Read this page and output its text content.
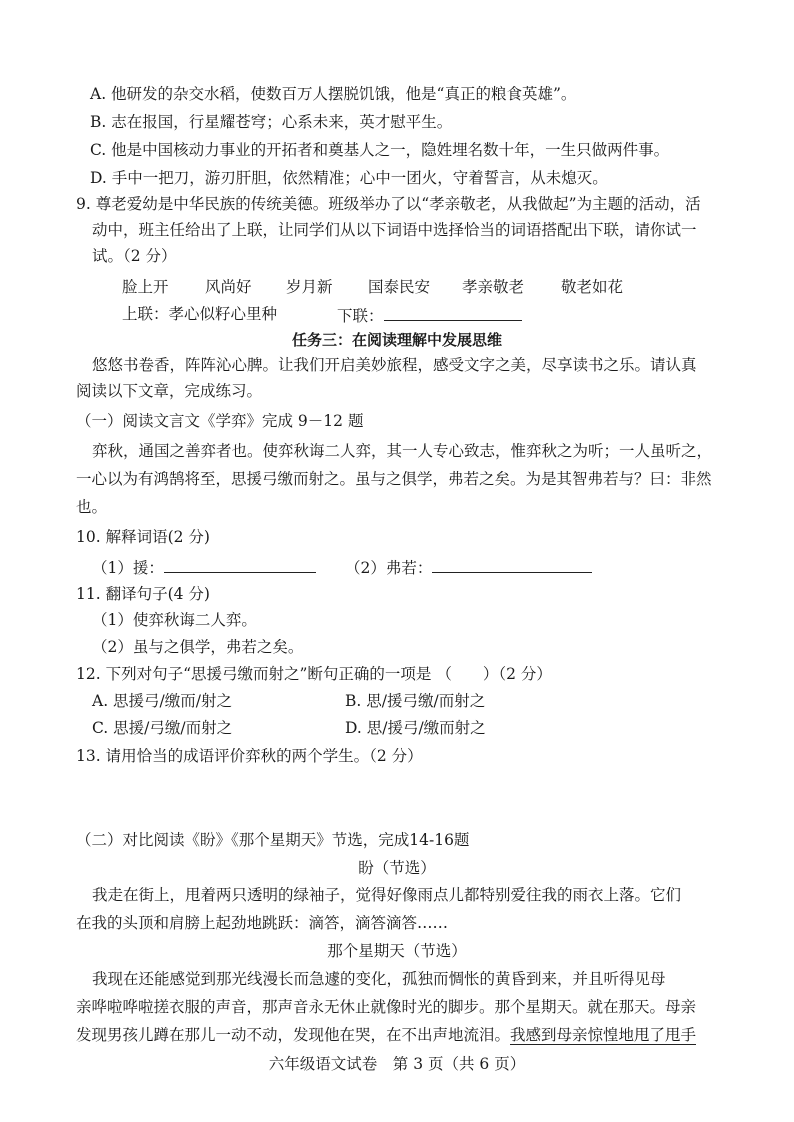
A. 他研发的杂交水稻，使数百万人摆脱饥饿，他是“真正的粮食英雄”。
B. 志在报国，行星耀苍穹；心系未来，英才慰平生。
C. 他是中国核动力事业的开拓者和奠基人之一，隐姓埋名数十年，一生只做两件事。
D. 手中一把刀，游刃肝胆，依然精准；心中一团火，守着誓言，从未熄灭。
9. 尊老爱幼是中华民族的传统美德。班级举办了以“孝亲敬老，从我做起”为主题的活动，活
动中，班主任给出了上联，让同学们从以下词语中选择恰当的词语搭配出下联，请你试一
试。（2 分）
脸上开 风尚好 岁月新 国泰民安 孝亲敬老 敬老如花
上联：孝心似籽心里种	下联：
任务三：在阅读理解中发展思维
悠悠书卷香，阵阵沁心脾。让我们开启美妙旅程，感受文字之美，尽享读书之乐。请认真
阅读以下文章，完成练习。
（一）阅读文言文《学弈》完成 9－12 题
弈秋，通国之善弈者也。使弈秋诲二人弈，其一人专心致志，惟弈秋之为听；一人虽听之，
一心以为有鸿鹄将至，思援弓缴而射之。虽与之俱学，弗若之矣。为是其智弗若与？曰：非然
也。
10. 解释词语(2 分)
（1）援：	（2）弗若：
11. 翻译句子(4 分)
（1）使弈秋诲二人弈。
（2）虽与之俱学，弗若之矣。
12. 下列对句子“思援弓缴而射之”断句正确的一项是 （　　）（2 分）
A. 思援弓/缴而/射之	B. 思/援弓缴/而射之
C. 思援/弓缴/而射之	D. 思/援弓/缴而射之
13. 请用恰当的成语评价弈秋的两个学生。（2 分）
（二）对比阅读《盼》《那个星期天》节选，完成14-16题
盼（节选）
我走在街上，甩着两只透明的绿袖子，觉得好像雨点儿都特别爱往我的雨衣上落。它们
在我的头顶和肩膀上起劲地跳跃：滴答，滴答滴答……
那个星期天（节选）
我现在还能感觉到那光线漫长而急遽的变化，孤独而惆怅的黄昏到来，并且听得见母
亲哗啦哗啦搓衣服的声音，那声音永无休止就像时光的脚步。那个星期天。就在那天。母亲
发现男孩儿蹲在那儿一动不动，发现他在哭，在不出声地流泪。我感到母亲惊惶地甩了甩手
六年级语文试卷　第 3 页（共 6 页）
